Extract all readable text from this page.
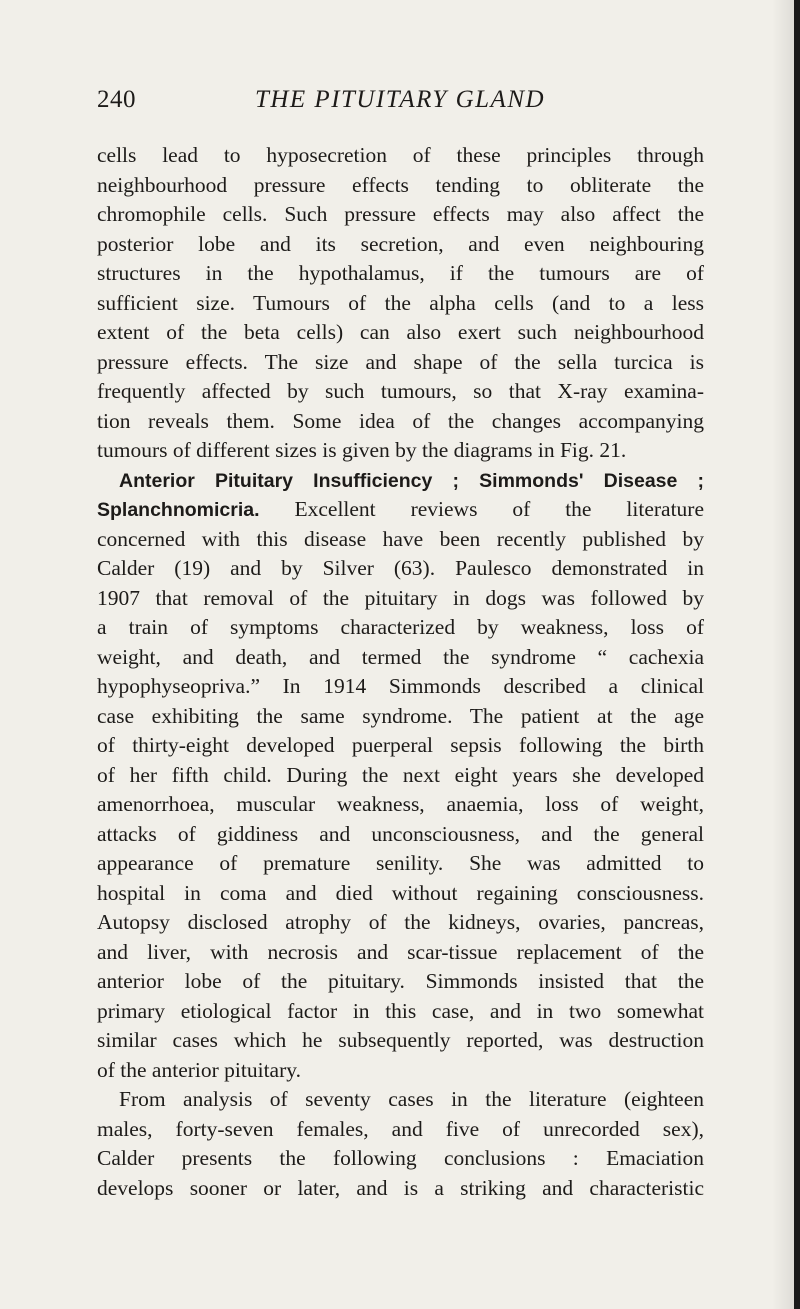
240	THE PITUITARY GLAND
cells lead to hyposecretion of these principles through
neighbourhood pressure effects tending to obliterate the
chromophile cells. Such pressure effects may also affect the
posterior lobe and its secretion, and even neighbouring
structures in the hypothalamus, if the tumours are of
sufficient size. Tumours of the alpha cells (and to a less
extent of the beta cells) can also exert such neighbourhood
pressure effects. The size and shape of the sella turcica is
frequently affected by such tumours, so that X-ray examina-
tion reveals them. Some idea of the changes accompanying
tumours of different sizes is given by the diagrams in Fig. 21.
Anterior Pituitary Insufficiency ; Simmonds' Disease ;
Splanchnomicria. Excellent reviews of the literature
concerned with this disease have been recently published by
Calder (19) and by Silver (63). Paulesco demonstrated in
1907 that removal of the pituitary in dogs was followed by
a train of symptoms characterized by weakness, loss of
weight, and death, and termed the syndrome “ cachexia
hypophyseopriva.” In 1914 Simmonds described a clinical
case exhibiting the same syndrome. The patient at the age
of thirty-eight developed puerperal sepsis following the birth
of her fifth child. During the next eight years she developed
amenorrhoea, muscular weakness, anaemia, loss of weight,
attacks of giddiness and unconsciousness, and the general
appearance of premature senility. She was admitted to
hospital in coma and died without regaining consciousness.
Autopsy disclosed atrophy of the kidneys, ovaries, pancreas,
and liver, with necrosis and scar-tissue replacement of the
anterior lobe of the pituitary. Simmonds insisted that the
primary etiological factor in this case, and in two somewhat
similar cases which he subsequently reported, was destruction
of the anterior pituitary.
From analysis of seventy cases in the literature (eighteen
males, forty-seven females, and five of unrecorded sex),
Calder presents the following conclusions : Emaciation
develops sooner or later, and is a striking and characteristic
